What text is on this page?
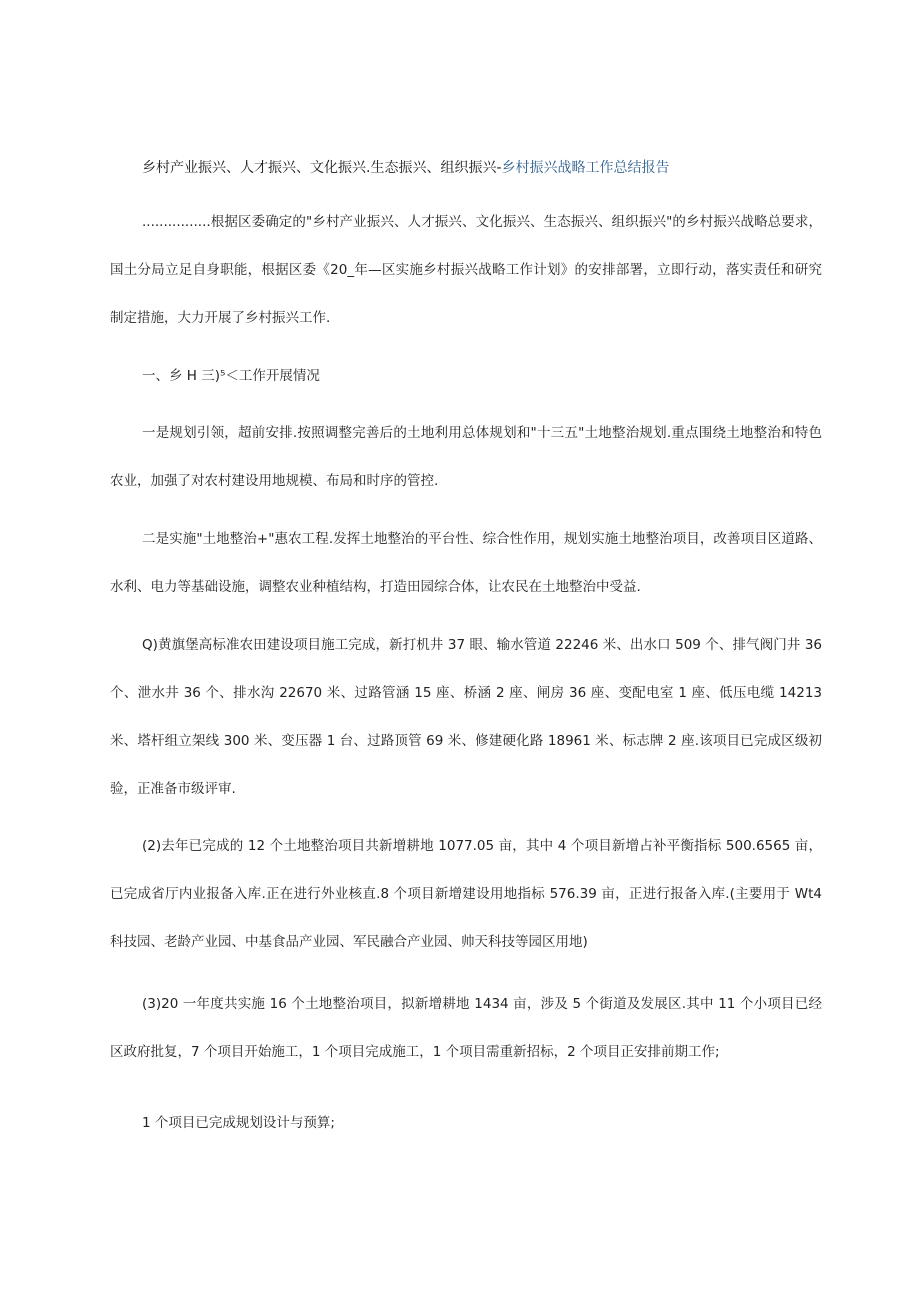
乡村产业振兴、人才振兴、文化振兴.生态振兴、组织振兴-乡村振兴战略工作总结报告

................根据区委确定的"乡村产业振兴、人才振兴、文化振兴、生态振兴、组织振兴"的乡村振兴战略总要求，国土分局立足自身职能，根据区委《20_年—区实施乡村振兴战略工作计划》的安排部署，立即行动，落实责任和研究制定措施，大力开展了乡村振兴工作.

一、乡 H 三)⁵＜工作开展情况

一是规划引领，超前安排.按照调整完善后的土地利用总体规划和"十三五"土地整治规划.重点围绕土地整治和特色农业，加强了对农村建设用地规模、布局和时序的管控.

二是实施"土地整治+"惠农工程.发挥土地整治的平台性、综合性作用，规划实施土地整治项目，改善项目区道路、水利、电力等基础设施，调整农业种植结构，打造田园综合体，让农民在土地整治中受益.

Q)黄旗堡高标准农田建设项目施工完成，新打机井 37 眼、输水管道 22246 米、出水口 509 个、排气阀门井 36 个、泄水井 36 个、排水沟 22670 米、过路管涵 15 座、桥涵 2 座、闸房 36 座、变配电室 1 座、低压电缆 14213 米、塔杆组立架线 300 米、变压器 1 台、过路顶管 69 米、修建硬化路 18961 米、标志牌 2 座.该项目已完成区级初验，正准备市级评审.

(2)去年已完成的 12 个土地整治项目共新增耕地 1077.05 亩，其中 4 个项目新增占补平衡指标 500.6565 亩，已完成省厅内业报备入库.正在进行外业核直.8 个项目新增建设用地指标 576.39 亩，正进行报备入库.(主要用于 Wt4 科技园、老龄产业园、中基食品产业园、军民融合产业园、帅天科技等园区用地)

(3)20 一年度共实施 16 个土地整治项目，拟新增耕地 1434 亩，涉及 5 个街道及发展区.其中 11 个小项目已经区政府批复，7 个项目开始施工，1 个项目完成施工，1 个项目需重新招标，2 个项目正安排前期工作;

1 个项目已完成规划设计与预算;
